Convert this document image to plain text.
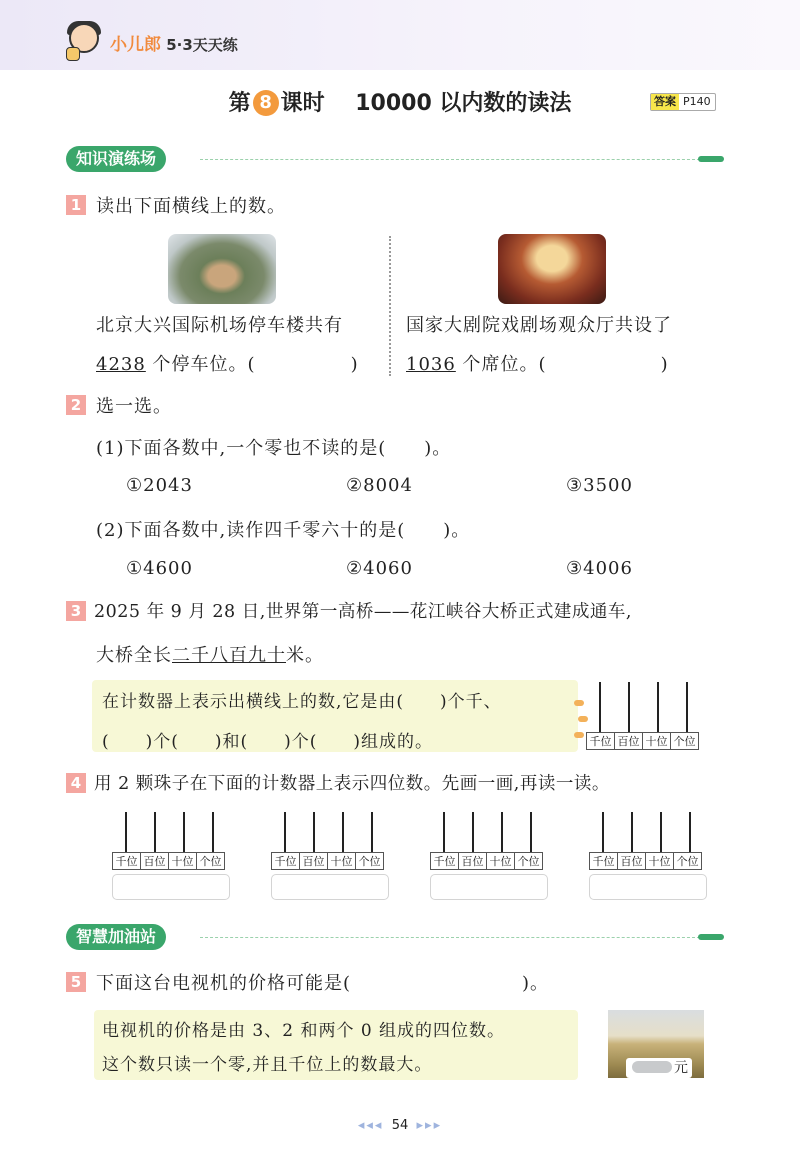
小儿郎 5·3天天练
第 8 课时 10000 以内数的读法	答案 P140
知识演练场
1 读出下面横线上的数。
北京大兴国际机场停车楼共有
4238 个停车位。(　　　　　)
国家大剧院戏剧场观众厅共设了
1036 个席位。(　　　　　　)
2 选一选。
(1)下面各数中,一个零也不读的是(　　)。
①2043	②8004	③3500
(2)下面各数中,读作四千零六十的是(　　)。
①4600	②4060	③4006
3 2025 年 9 月 28 日,世界第一高桥——花江峡谷大桥正式建成通车,
大桥全长二千八百九十米。
在计数器上表示出横线上的数,它是由(　　)个千、
(　　)个(　　)和(　　)个(　　)组成的。	千位 百位 十位 个位
4 用 2 颗珠子在下面的计数器上表示四位数。先画一画,再读一读。
千位 百位 十位 个位	千位 百位 十位 个位	千位 百位 十位 个位	千位 百位 十位 个位
智慧加油站
5 下面这台电视机的价格可能是(　　　　　　　　　)。
电视机的价格是由 3、2 和两个 0 组成的四位数。
这个数只读一个零,并且千位上的数最大。	元
◂◂◂ 54 ▸▸▸
